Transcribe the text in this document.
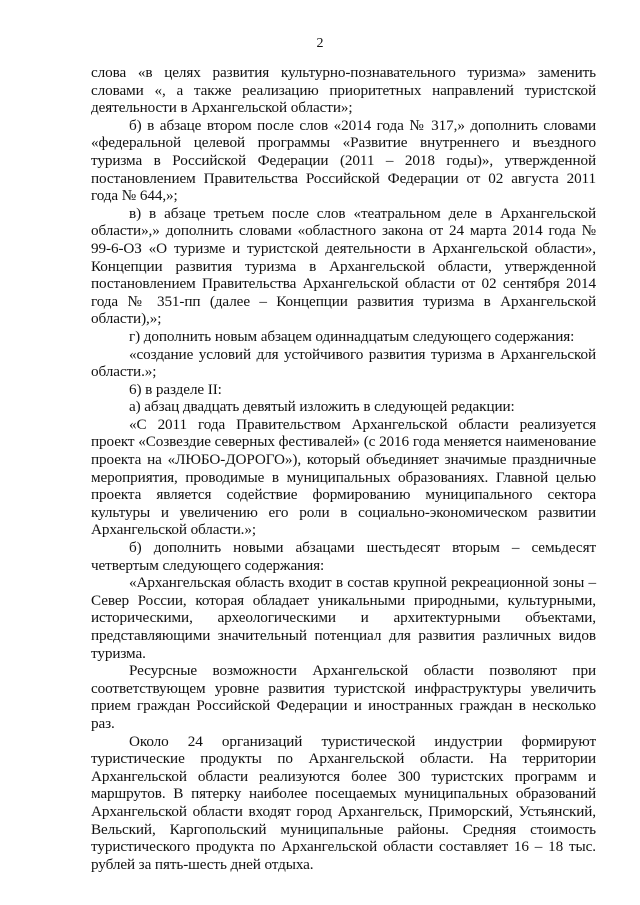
2

слова «в целях развития культурно-познавательного туризма» заменить словами «, а также реализацию приоритетных направлений туристской деятельности в Архангельской области»;

б) в абзаце втором после слов «2014 года № 317,» дополнить словами «федеральной целевой программы «Развитие внутреннего и въездного туризма в Российской Федерации (2011 – 2018 годы)», утвержденной постановлением Правительства Российской Федерации от 02 августа 2011 года № 644,»;

в) в абзаце третьем после слов «театральном деле в Архангельской области»,» дополнить словами «областного закона от 24 марта 2014 года № 99-6-ОЗ «О туризме и туристской деятельности в Архангельской области», Концепции развития туризма в Архангельской области, утвержденной постановлением Правительства Архангельской области от 02 сентября 2014 года № 351-пп (далее – Концепции развития туризма в Архангельской области),»;

г) дополнить новым абзацем одиннадцатым следующего содержания:

«создание условий для устойчивого развития туризма в Архангельской области.»;

6) в разделе II:

а) абзац двадцать девятый изложить в следующей редакции:

«С 2011 года Правительством Архангельской области реализуется проект «Созвездие северных фестивалей» (с 2016 года меняется наименование проекта на «ЛЮБО-ДОРОГО»), который объединяет значимые праздничные мероприятия, проводимые в муниципальных образованиях. Главной целью проекта является содействие формированию муниципального сектора культуры и увеличению его роли в социально-экономическом развитии Архангельской области.»;

б) дополнить новыми абзацами шестьдесят вторым – семьдесят четвертым следующего содержания:

«Архангельская область входит в состав крупной рекреационной зоны – Север России, которая обладает уникальными природными, культурными, историческими, археологическими и архитектурными объектами, представляющими значительный потенциал для развития различных видов туризма.

Ресурсные возможности Архангельской области позволяют при соответствующем уровне развития туристской инфраструктуры увеличить прием граждан Российской Федерации и иностранных граждан в несколько раз.

Около 24 организаций туристической индустрии формируют туристические продукты по Архангельской области. На территории Архангельской области реализуются более 300 туристских программ и маршрутов. В пятерку наиболее посещаемых муниципальных образований Архангельской области входят город Архангельск, Приморский, Устьянский, Вельский, Каргопольский муниципальные районы. Средняя стоимость туристического продукта по Архангельской области составляет 16 – 18 тыс. рублей за пять-шесть дней отдыха.
